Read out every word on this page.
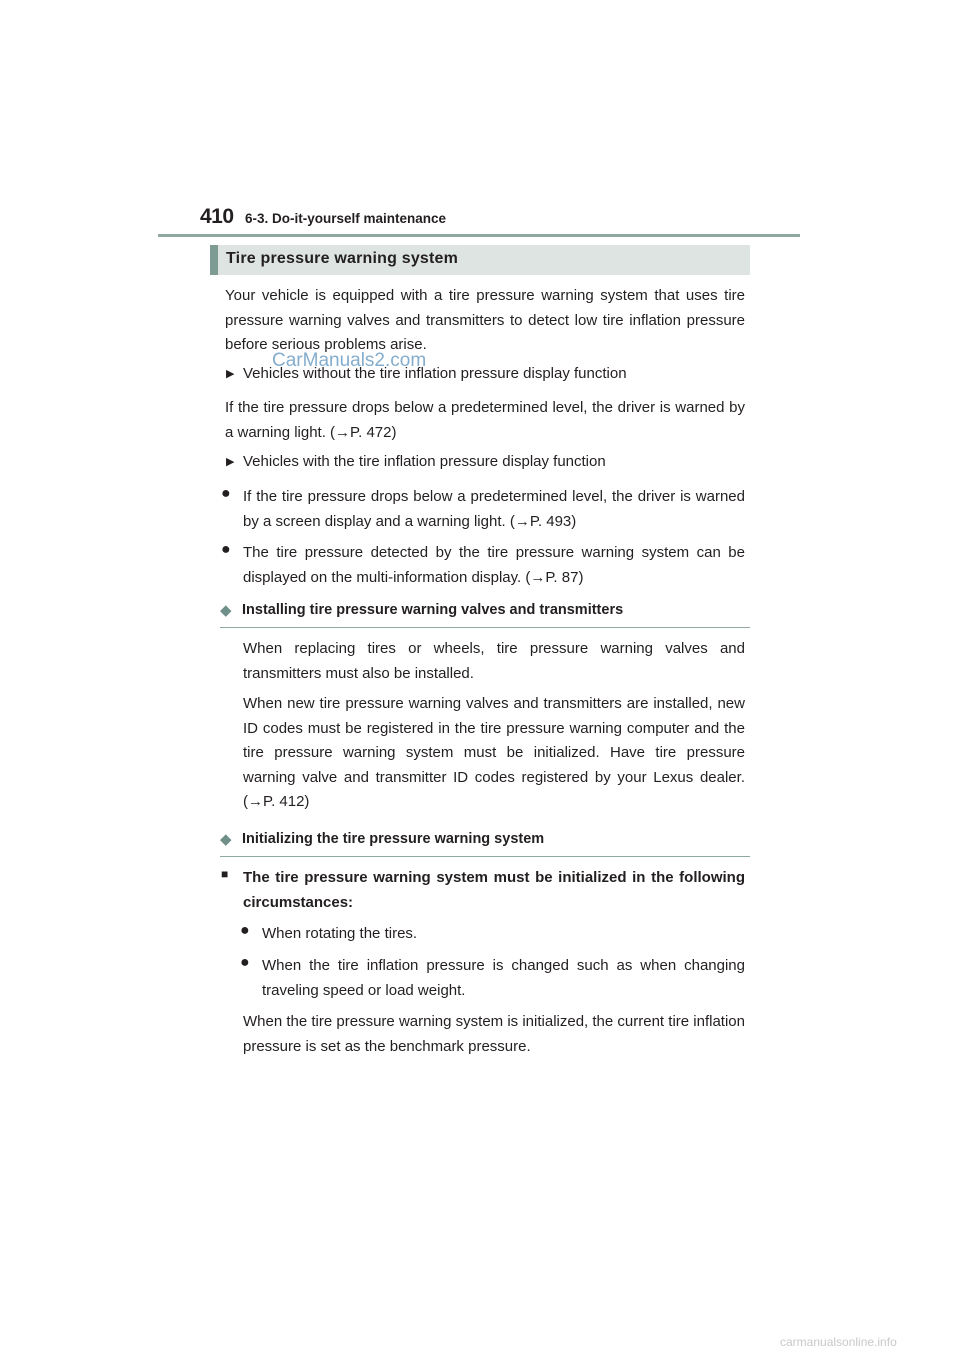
410 6-3. Do-it-yourself maintenance
Tire pressure warning system
Your vehicle is equipped with a tire pressure warning system that uses tire pressure warning valves and transmitters to detect low tire inflation pressure before serious problems arise.
CarManuals2.com
▶ Vehicles without the tire inflation pressure display function
If the tire pressure drops below a predetermined level, the driver is warned by a warning light. (→P. 472)
▶ Vehicles with the tire inflation pressure display function
● If the tire pressure drops below a predetermined level, the driver is warned by a screen display and a warning light. (→P. 493)
● The tire pressure detected by the tire pressure warning system can be displayed on the multi-information display. (→P. 87)
◆ Installing tire pressure warning valves and transmitters
When replacing tires or wheels, tire pressure warning valves and transmitters must also be installed.
When new tire pressure warning valves and transmitters are installed, new ID codes must be registered in the tire pressure warning computer and the tire pressure warning system must be initialized. Have tire pressure warning valve and transmitter ID codes registered by your Lexus dealer. (→P. 412)
◆ Initializing the tire pressure warning system
■ The tire pressure warning system must be initialized in the following circumstances:
● When rotating the tires.
● When the tire inflation pressure is changed such as when changing traveling speed or load weight.
When the tire pressure warning system is initialized, the current tire inflation pressure is set as the benchmark pressure.
carmanualsonline.info
